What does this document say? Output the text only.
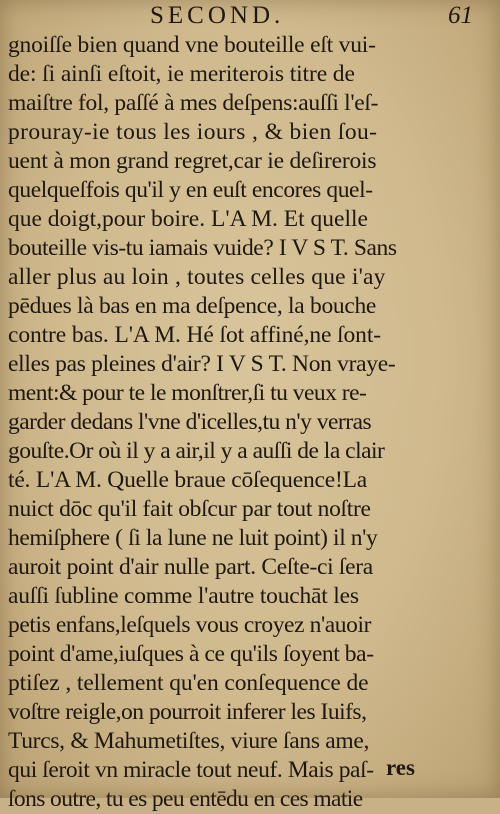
SECOND.	61

gnoiſſe bien quand vne bouteille eſt vui-

de: ſi ainſi eſtoit, ie meriterois titre de

maiſtre fol, paſſé à mes deſpens:auſſi l'eſ-

prouray-ie tous les iours , & bien ſou-

uent à mon grand regret,car ie deſirerois

quelqueſfois qu'il y en euſt encores quel-

que doigt,pour boire. L'A M. Et quelle

bouteille vis-tu iamais vuide? I V S T. Sans

aller plus au loin , toutes celles que i'ay

pēdues là bas en ma deſpence, la bouche

contre bas. L'A M. Hé ſot affiné,ne ſont-

elles pas pleines d'air? I V S T. Non vraye-

ment:& pour te le monſtrer,ſi tu veux re-

garder dedans l'vne d'icelles,tu n'y verras

gouſte.Or où il y a air,il y a auſſi de la clair

té. L'A M. Quelle braue cōſequence!La

nuict dōc qu'il fait obſcur par tout noſtre

hemiſphere ( ſi la lune ne luit point) il n'y

auroit point d'air nulle part. Ceſte-ci ſera

auſſi ſubline comme l'autre touchāt les

petis enfans,leſquels vous croyez n'auoir

point d'ame,iuſques à ce qu'ils ſoyent ba-

ptiſez , tellement qu'en conſequence de

voſtre reigle,on pourroit inferer les Iuifs,

Turcs, & Mahumetiſtes, viure ſans ame,

qui ſeroit vn miracle tout neuf. Mais paſ-

ſons outre, tu es peu entēdu en ces matie

res
